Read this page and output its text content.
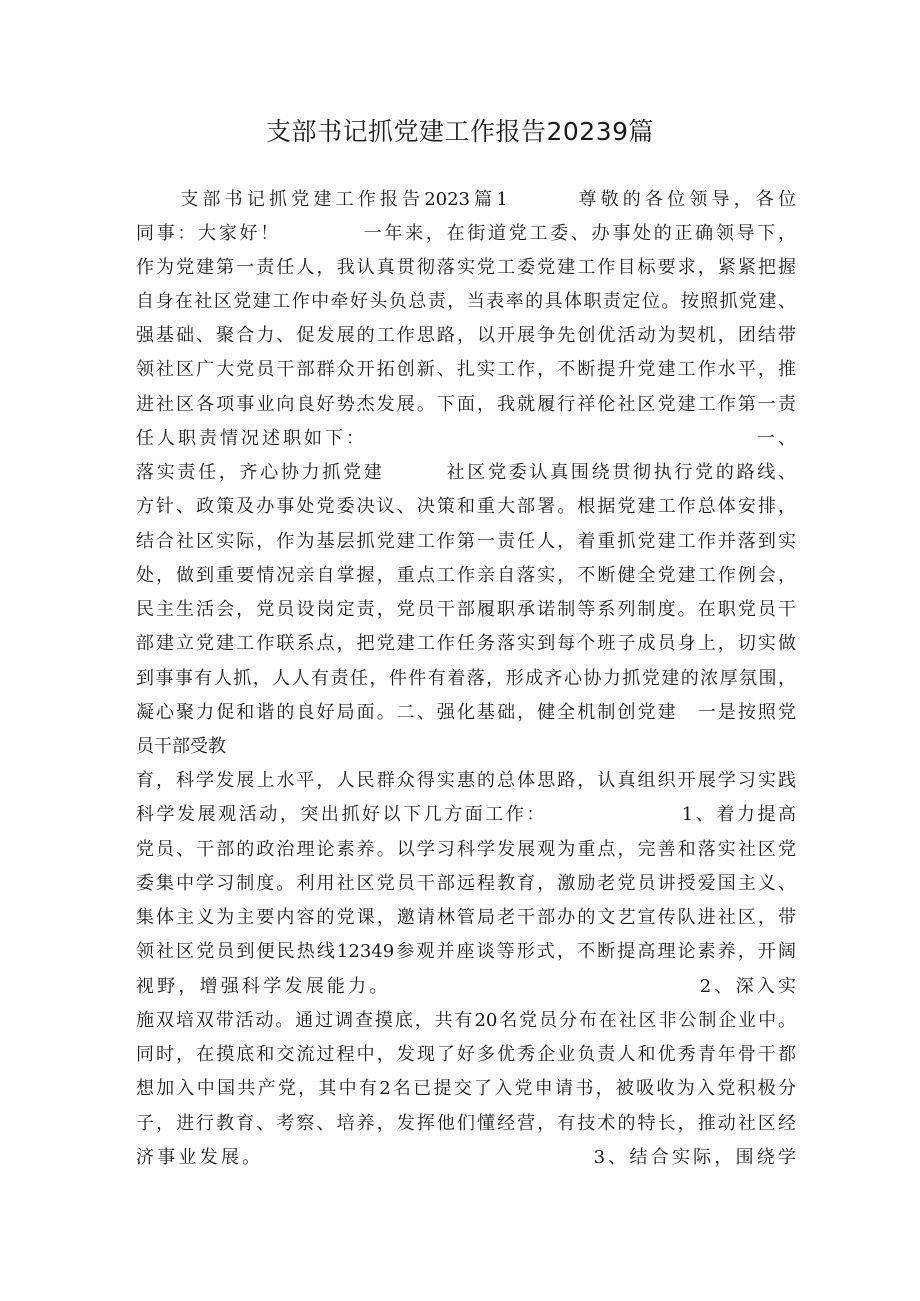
支部书记抓党建工作报告20239篇
　　支部书记抓党建工作报告2023篇1　　　尊敬的各位领导，各位
同事：大家好！　　　　一年来，在街道党工委、办事处的正确领导下，
作为党建第一责任人，我认真贯彻落实党工委党建工作目标要求，紧紧把握
自身在社区党建工作中牵好头负总责，当表率的具体职责定位。按照抓党建、
强基础、聚合力、促发展的工作思路，以开展争先创优活动为契机，团结带
领社区广大党员干部群众开拓创新、扎实工作，不断提升党建工作水平，推
进社区各项事业向良好势杰发展。下面，我就履行祥伦社区党建工作第一责
任人职责情况述职如下：　　　　　　　　　　　　　　　　　　　一、
落实责任，齐心协力抓党建　　　社区党委认真围绕贯彻执行党的路线、
方针、政策及办事处党委决议、决策和重大部署。根据党建工作总体安排，
结合社区实际，作为基层抓党建工作第一责任人，着重抓党建工作并落到实
处，做到重要情况亲自掌握，重点工作亲自落实，不断健全党建工作例会，
民主生活会，党员设岗定责，党员干部履职承诺制等系列制度。在职党员干
部建立党建工作联系点，把党建工作任务落实到每个班子成员身上，切实做
到事事有人抓，人人有责任，件件有着落，形成齐心协力抓党建的浓厚氛围，
凝心聚力促和谐的良好局面。二、强化基础，健全机制创党建　一是按照党
员干部受教
育，科学发展上水平，人民群众得实惠的总体思路，认真组织开展学习实践
科学发展观活动，突出抓好以下几方面工作：　　　　　　　1、着力提高
党员、干部的政治理论素养。以学习科学发展观为重点，完善和落实社区党
委集中学习制度。利用社区党员干部远程教育，激励老党员讲授爱国主义、
集体主义为主要内容的党课，邀请林管局老干部办的文艺宣传队进社区，带
领社区党员到便民热线12349参观并座谈等形式，不断提高理论素养，开阔
视野，增强科学发展能力。　　　　　　　　　　　　　　　2、深入实
施双培双带活动。通过调查摸底，共有20名党员分布在社区非公制企业中。
同时，在摸底和交流过程中，发现了好多优秀企业负责人和优秀青年骨干都
想加入中国共产党，其中有2名已提交了入党申请书，被吸收为入党积极分
子，进行教育、考察、培养，发挥他们懂经营，有技术的特长，推动社区经
济事业发展。　　　　　　　　　　　　　　　　3、结合实际，围绕学
